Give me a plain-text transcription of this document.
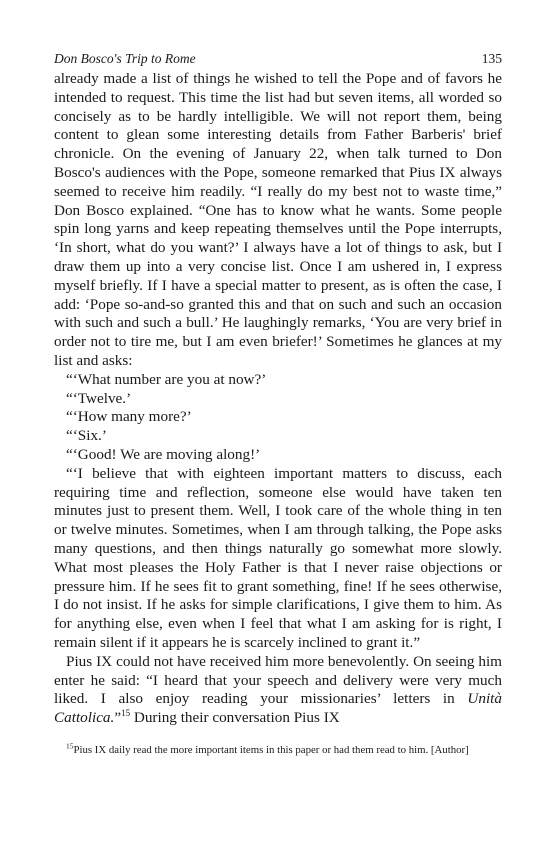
Don Bosco's Trip to Rome	135

already made a list of things he wished to tell the Pope and of favors he intended to request. This time the list had but seven items, all worded so concisely as to be hardly intelligible. We will not report them, being content to glean some interesting details from Father Barberis' brief chronicle. On the evening of January 22, when talk turned to Don Bosco's audiences with the Pope, someone remarked that Pius IX always seemed to receive him readily. “I really do my best not to waste time,” Don Bosco explained. “One has to know what he wants. Some people spin long yarns and keep repeating themselves until the Pope interrupts, ‘In short, what do you want?’ I always have a lot of things to ask, but I draw them up into a very concise list. Once I am ushered in, I express myself briefly. If I have a special matter to present, as is often the case, I add: ‘Pope so-and-so granted this and that on such and such an occasion with such and such a bull.’ He laughingly remarks, ‘You are very brief in order not to tire me, but I am even briefer!’ Sometimes he glances at my list and asks:

“‘What number are you at now?’

“‘Twelve.’

“‘How many more?’

“‘Six.’

“‘Good! We are moving along!’

“‘I believe that with eighteen important matters to discuss, each requiring time and reflection, someone else would have taken ten minutes just to present them. Well, I took care of the whole thing in ten or twelve minutes. Sometimes, when I am through talking, the Pope asks many questions, and then things naturally go somewhat more slowly. What most pleases the Holy Father is that I never raise objections or pressure him. If he sees fit to grant something, fine! If he sees otherwise, I do not insist. If he asks for simple clarifications, I give them to him. As for anything else, even when I feel that what I am asking for is right, I remain silent if it appears he is scarcely inclined to grant it.”

Pius IX could not have received him more benevolently. On seeing him enter he said: “I heard that your speech and delivery were very much liked. I also enjoy reading your missionaries’ letters in Unità Cattolica.”$^{15}$ During their conversation Pius IX

$^{15}$Pius IX daily read the more important items in this paper or had them read to him. [Author]
